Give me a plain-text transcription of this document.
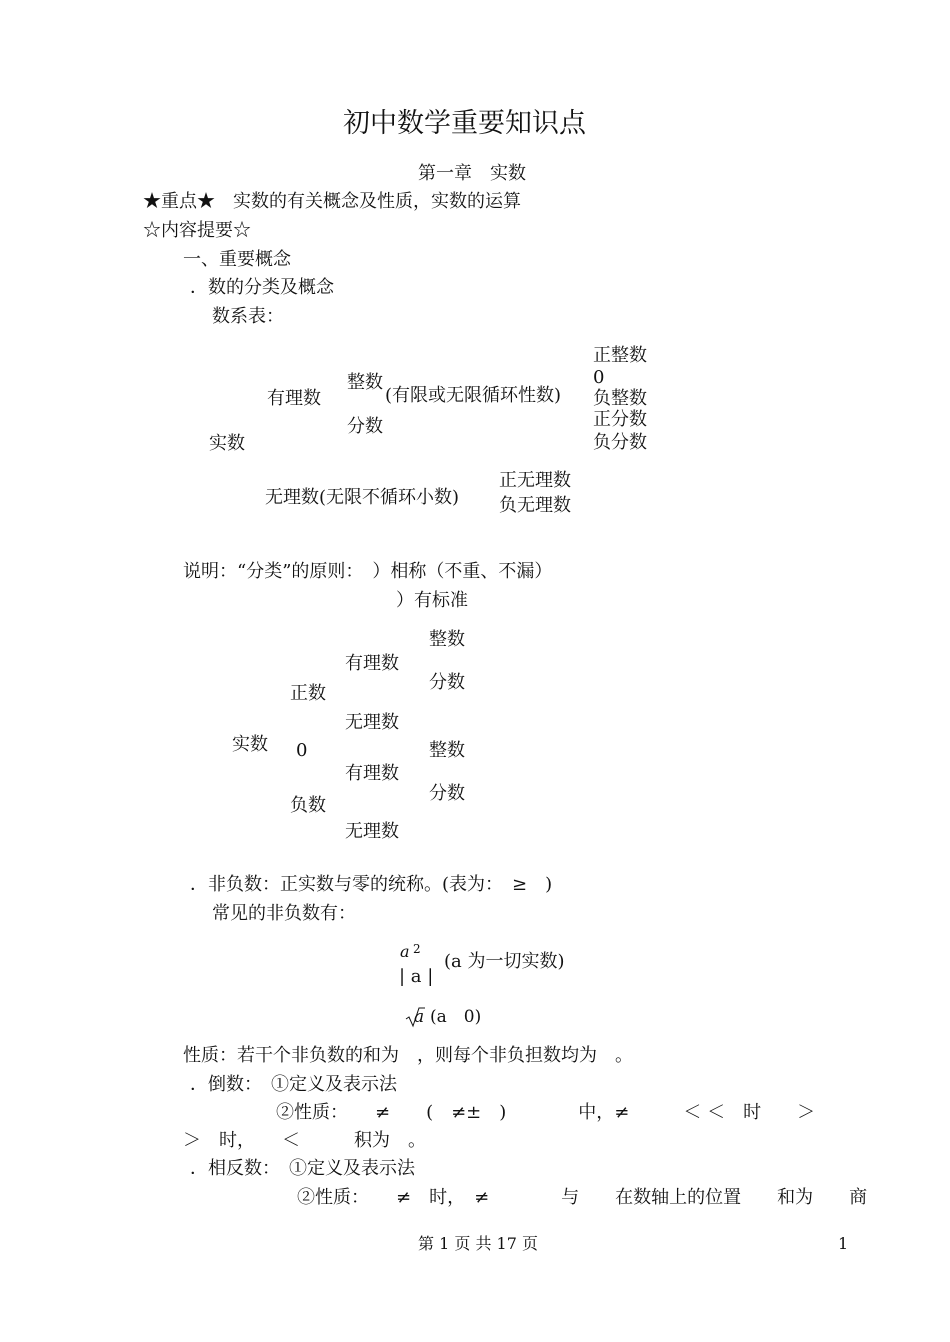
初中数学重要知识点
第一章　实数
★重点★　实数的有关概念及性质，实数的运算
☆内容提要☆
一、重要概念
．数的分类及概念
数系表：
实数
有理数
整数
(有限或无限循环性数)
分数
正整数
0
负整数
正分数
负分数
无理数(无限不循环小数)
正无理数
负无理数
说明：“分类”的原则：　）相称（不重、不漏）
）有标准
实数
正数
0
负数
有理数
无理数
有理数
无理数
整数
分数
整数
分数
．非负数：正实数与零的统称。(表为：　≥　)
常见的非负数有：
a 2
| a |
(a 为一切实数)
a (a　0)
性质：若干个非负数的和为　，则每个非负担数均为　。
．倒数：　①定义及表示法
②性质：　　≠　　(　≠±　)　　　　中，≠　　　＜ ＜　时　　＞
＞　时，　　＜　　　积为　。
．相反数：　①定义及表示法
②性质：　　≠　时，　≠　　　　与　　在数轴上的位置　　和为　　商
第 1 页 共 17 页	1
